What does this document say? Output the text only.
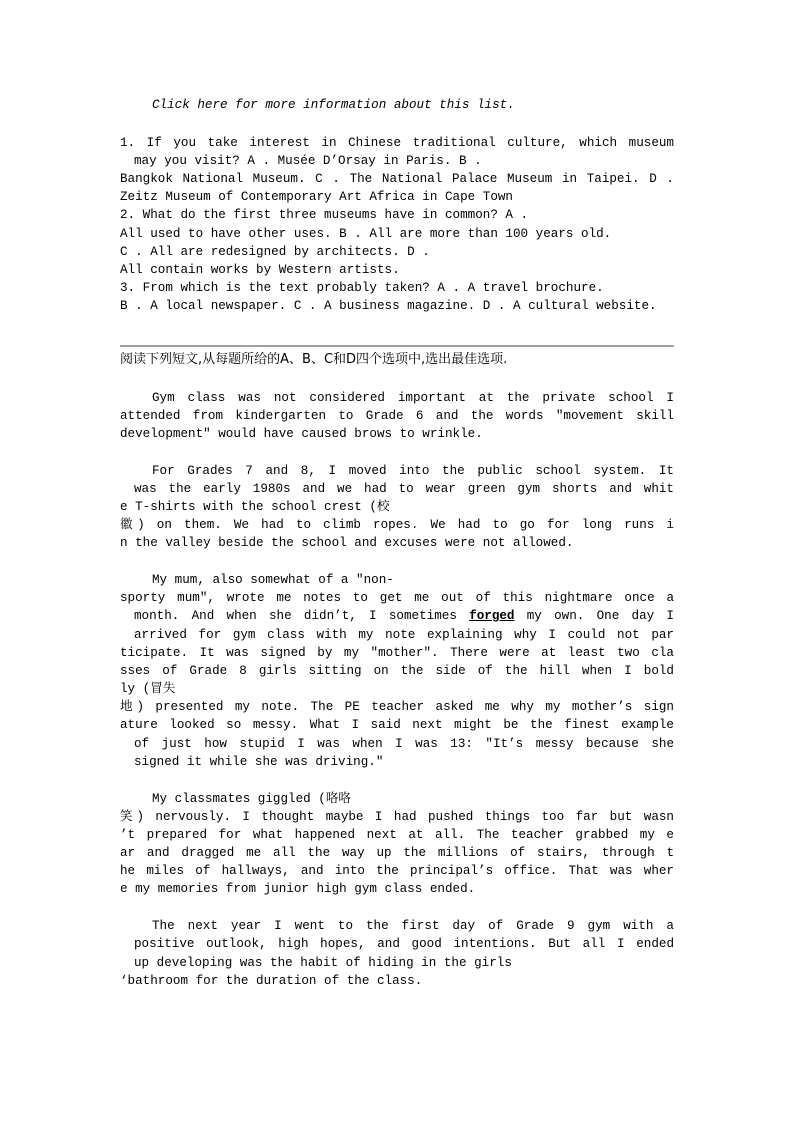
Click here for more information about this list.
1. If you take interest in Chinese traditional culture, which museum
may you visit? A . Musée D’Orsay in Paris. B .
Bangkok National Museum. C . The National Palace Museum in Taipei. D .
Zeitz Museum of Contemporary Art Africa in Cape Town
2. What do the first three museums have in common? A .
All used to have other uses. B . All are more than 100 years old.
C . All are redesigned by architects. D .
All contain works by Western artists.
3. From which is the text probably taken? A . A travel brochure.
B . A local newspaper. C . A business magazine. D . A cultural website.
阅读下列短文,从每题所给的A、B、C和D四个选项中,选出最佳选项.
Gym class was not considered important at the private school I
attended from kindergarten to Grade 6 and the words "movement skill
development" would have caused brows to wrinkle.
For Grades 7 and 8, I moved into the public school system. It
was the early 1980s and we had to wear green gym shorts and whit
e T-shirts with the school crest (校
徽) on them. We had to climb ropes. We had to go for long runs i
n the valley beside the school and excuses were not allowed.
My mum, also somewhat of a "non-
sporty mum", wrote me notes to get me out of this nightmare once a
month. And when she didn’t, I sometimes forged my own. One day I
arrived for gym class with my note explaining why I could not par
ticipate. It was signed by my "mother". There were at least two cla
sses of Grade 8 girls sitting on the side of the hill when I bold
ly (冒失
地) presented my note. The PE teacher asked me why my mother’s sign
ature looked so messy. What I said next might be the finest example
of just how stupid I was when I was 13: "It’s messy because she
signed it while she was driving."
My classmates giggled (咯咯
笑) nervously. I thought maybe I had pushed things too far but wasn
’t prepared for what happened next at all. The teacher grabbed my e
ar and dragged me all the way up the millions of stairs, through t
he miles of hallways, and into the principal’s office. That was wher
e my memories from junior high gym class ended.
The next year I went to the first day of Grade 9 gym with a
positive outlook, high hopes, and good intentions. But all I ended
up developing was the habit of hiding in the girls
‘bathroom for the duration of the class.
